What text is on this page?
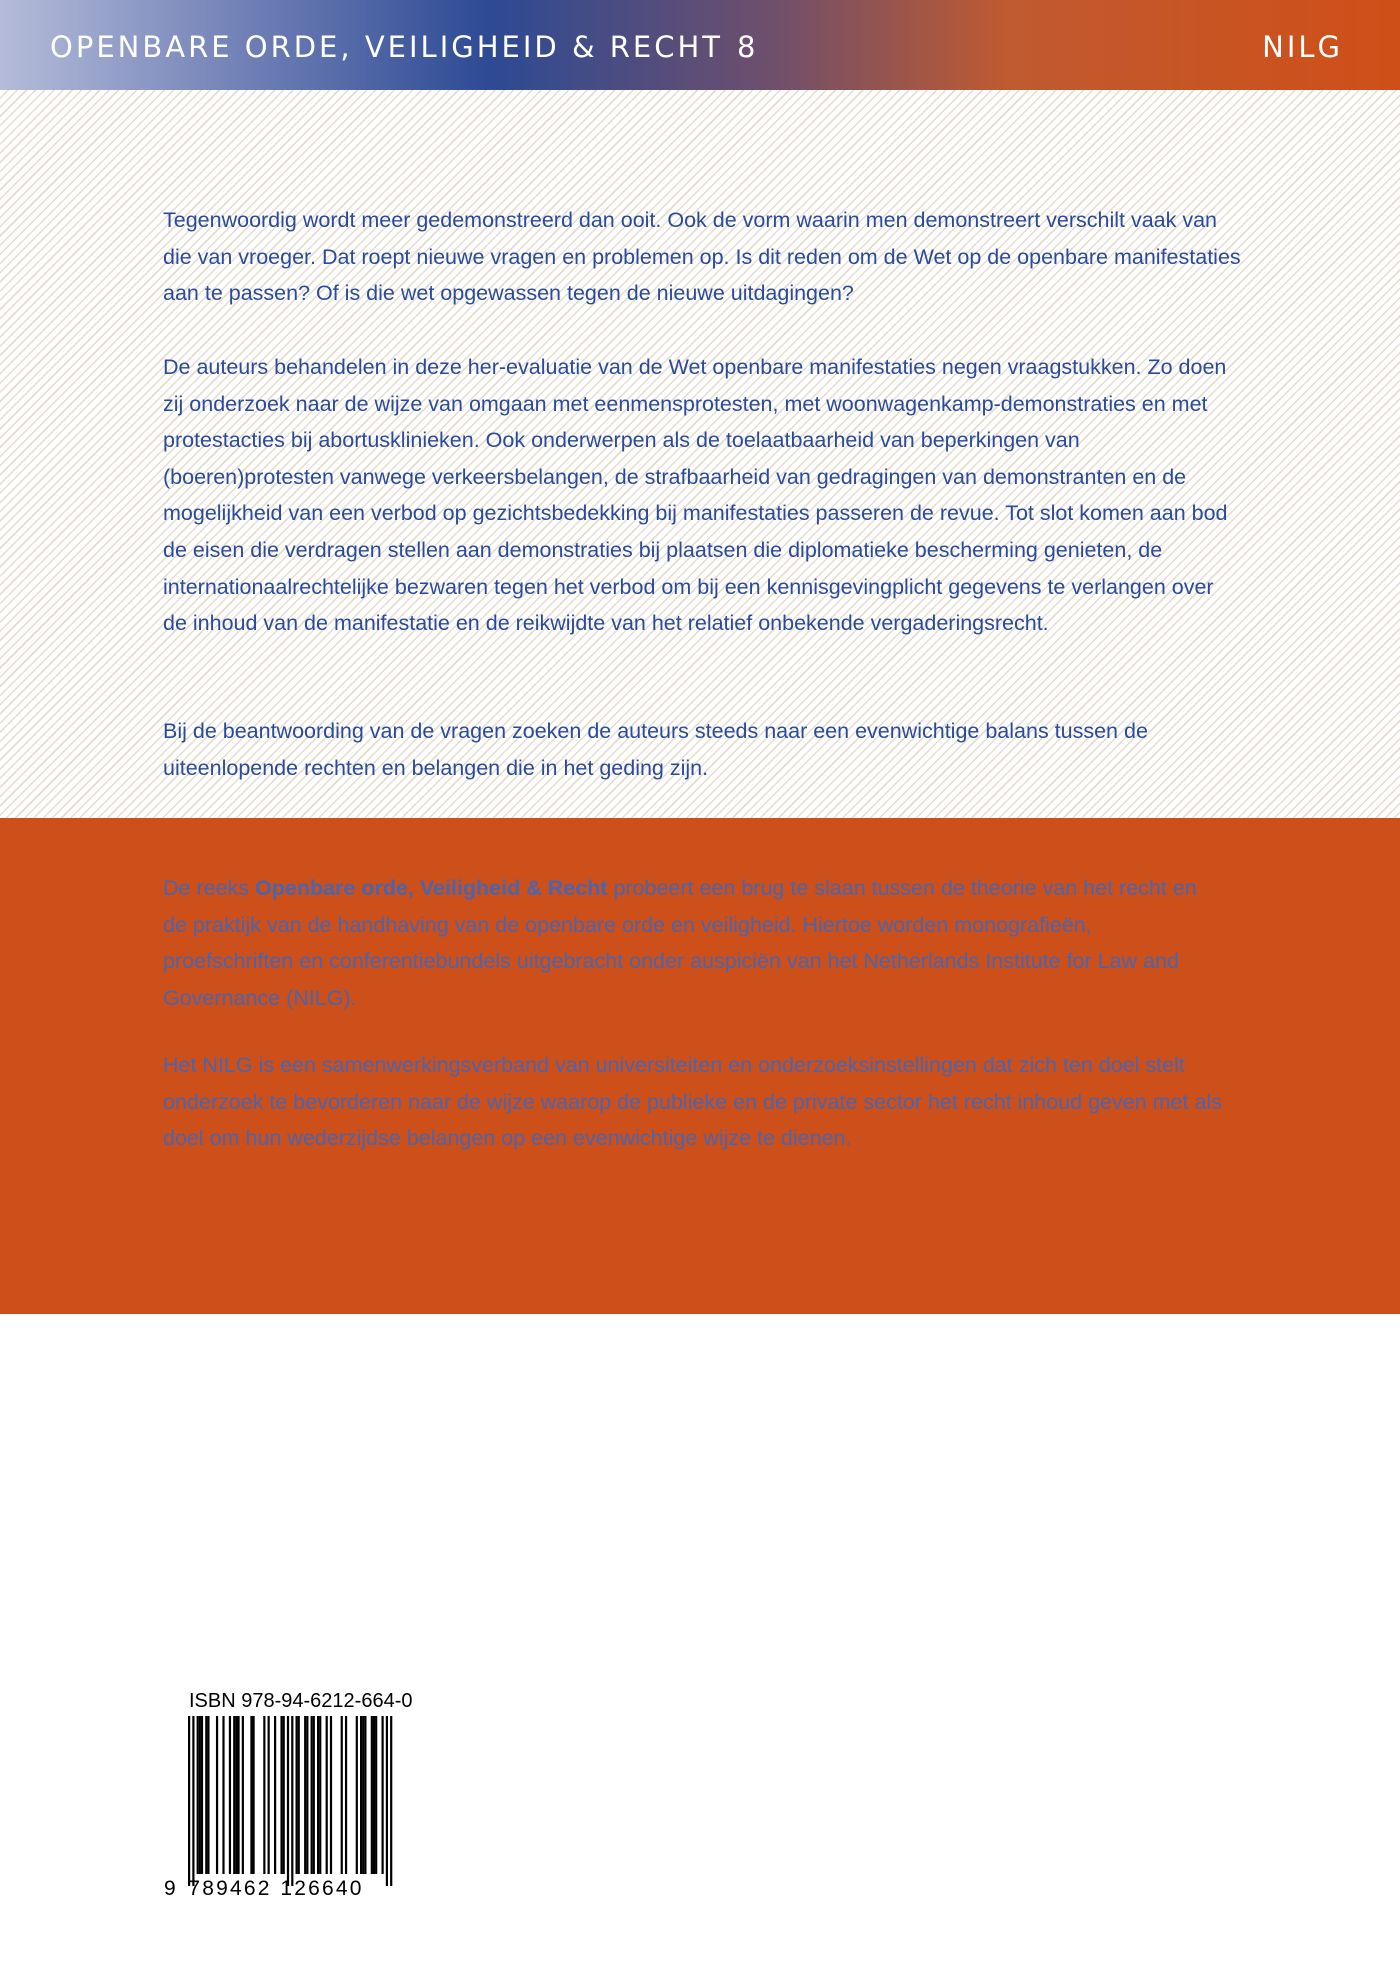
OPENBARE ORDE, VEILIGHEID & RECHT 8	NILG

Tegenwoordig wordt meer gedemonstreerd dan ooit. Ook de vorm waarin men demonstreert verschilt vaak van die van vroeger. Dat roept nieuwe vragen en problemen op. Is dit reden om de Wet op de openbare manifestaties aan te passen? Of is die wet opgewassen tegen de nieuwe uitdagingen?

De auteurs behandelen in deze her-evaluatie van de Wet openbare manifestaties negen vraagstukken. Zo doen zij onderzoek naar de wijze van omgaan met eenmensprotesten, met woonwagenkamp-demonstraties en met protestacties bij abortusklinieken. Ook onderwerpen als de toelaatbaarheid van beperkingen van (boeren)protesten vanwege verkeersbelangen, de strafbaarheid van gedragingen van demonstranten en de mogelijkheid van een verbod op gezichtsbedekking bij manifestaties passeren de revue. Tot slot komen aan bod de eisen die verdragen stellen aan demonstraties bij plaatsen die diplomatieke bescherming genieten, de internationaalrechtelijke bezwaren tegen het verbod om bij een kennisgevingplicht gegevens te verlangen over de inhoud van de manifestatie en de reikwijdte van het relatief onbekende vergaderingsrecht.

Bij de beantwoording van de vragen zoeken de auteurs steeds naar een evenwichtige balans tussen de uiteenlopende rechten en belangen die in het geding zijn.

De reeks Openbare orde, Veiligheid & Recht probeert een brug te slaan tussen de theorie van het recht en de praktijk van de handhaving van de openbare orde en veiligheid. Hiertoe worden monografieën, proefschriften en conferentiebundels uitgebracht onder auspiciën van het Netherlands Institute for Law and Governance (NILG).

Het NILG is een samenwerkingsverband van universiteiten en onderzoeksinstellingen dat zich ten doel stelt onderzoek te bevorderen naar de wijze waarop de publieke en de private sector het recht inhoud geven met als doel om hun wederzijdse belangen op een evenwichtige wijze te dienen.

ISBN 978-94-6212-664-0
9 789462 126640
